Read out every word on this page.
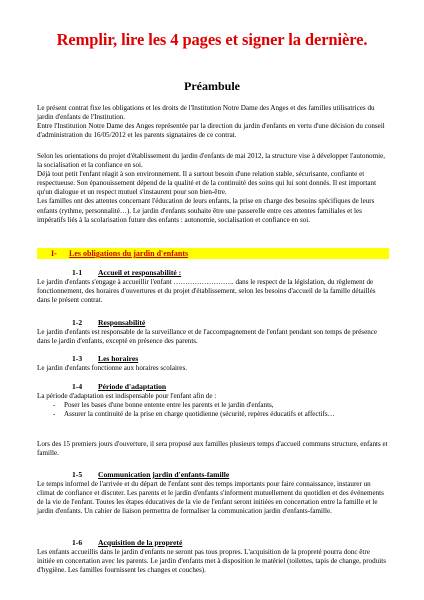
Remplir, lire les 4 pages et signer la dernière.
Préambule

Le présent contrat fixe les obligations et les droits de l'Institution Notre Dame des Anges et des familles utilisatrices du jardin d'enfants de l'Institution.

Entre l'Institution Notre Dame des Anges représentée par la direction du jardin d'enfants en vertu d'une décision du conseil d'administration du 16/05/2012 et les parents signataires de ce contrat.

Selon les orientations du projet d'établissement du jardin d'enfants de mai 2012, la structure vise à développer l'autonomie, la socialisation et la confiance en soi.

Déjà tout petit l'enfant réagit à son environnement. Il a surtout besoin d'une relation stable, sécurisante, confiante et respectueuse. Son épanouissement dépend de la qualité et de la continuité des soins qui lui sont donnés. Il est important qu'un dialogue et un respect mutuel s'instaurent pour son bien-être.

Les familles ont des attentes concernant l'éducation de leurs enfants, la prise en charge des besoins spécifiques de leurs enfants (rythme, personnalité…). Le jardin d'enfants souhaite être une passerelle entre ces attentes familiales et les impératifs liés à la scolarisation future des enfants : autonomie, socialisation et confiance en soi.

I- Les obligations du jardin d'enfants
1-1 Accueil et responsabilité :

Le jardin d'enfants s'engage à accueillir l'enfant …………………….. dans le respect de la législation, du règlement de fonctionnement, des horaires d'ouvertures et du projet d'établissement, selon les besoins d'accueil de la famille détaillés dans le présent contrat.

1-2 Responsabilité

Le jardin d'enfants est responsable de la surveillance et de l'accompagnement de l'enfant pendant son temps de présence dans le jardin d'enfants, excepté en présence des parents.

1-3 Les horaires

Le jardin d'enfants fonctionne aux horaires scolaires.

1-4 Période d'adaptation

La période d'adaptation est indispensable pour l'enfant afin de :

- Poser les bases d'une bonne entente entre les parents et le jardin d'enfants,
- Assurer la continuité de la prise en charge quotidienne (sécurité, repères éducatifs et affectifs…

Lors des 15 premiers jours d'ouverture, il sera proposé aux familles plusieurs temps d'accueil communs structure, enfants et famille.

1-5 Communication jardin d'enfants-famille

Le temps informel de l'arrivée et du départ de l'enfant sont des temps importants pour faire connaissance, instaurer un climat de confiance et discuter. Les parents et le jardin d'enfants s'informent mutuellement du quotidien et des événements de la vie de l'enfant. Toutes les étapes éducatives de la vie de l'enfant seront initiées en concertation entre la famille et le jardin d'enfants. Un cahier de liaison permettra de formaliser la communication jardin d'enfants-famille.

1-6 Acquisition de la propreté

Les enfants accueillis dans le jardin d'enfants ne seront pas tous propres. L'acquisition de la propreté pourra donc être initiée en concertation avec les parents. Le jardin d'enfants met à disposition le matériel (toilettes, tapis de change, produits d'hygiène. Les familles fournissent les changes et couches).
